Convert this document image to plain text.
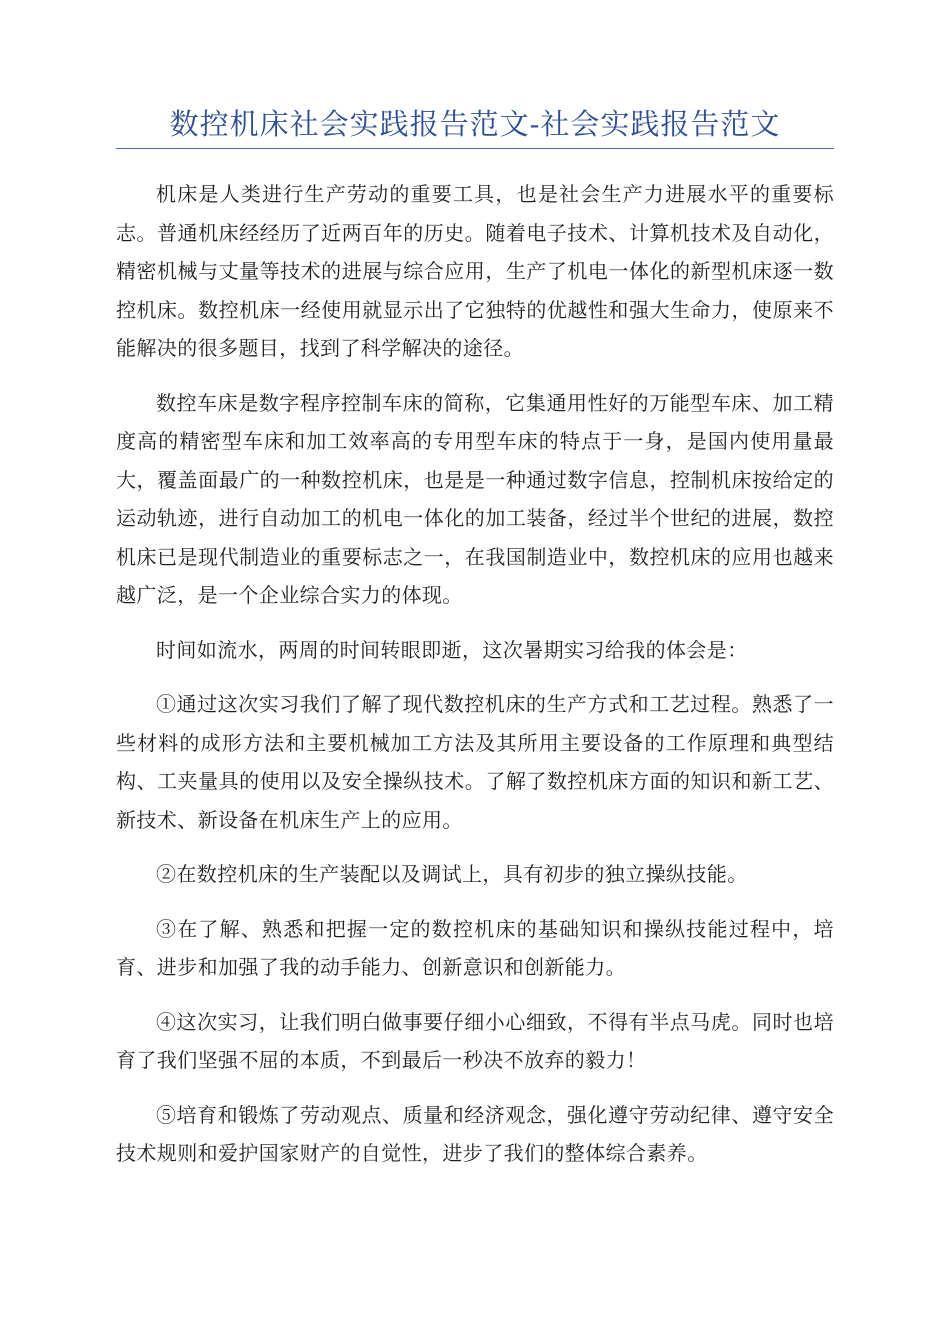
数控机床社会实践报告范文-社会实践报告范文

机床是人类进行生产劳动的重要工具，也是社会生产力进展水平的重要标志。普通机床经经历了近两百年的历史。随着电子技术、计算机技术及自动化，精密机械与丈量等技术的进展与综合应用，生产了机电一体化的新型机床逐一数控机床。数控机床一经使用就显示出了它独特的优越性和强大生命力，使原来不能解决的很多题目，找到了科学解决的途径。

数控车床是数字程序控制车床的简称，它集通用性好的万能型车床、加工精度高的精密型车床和加工效率高的专用型车床的特点于一身，是国内使用量最大，覆盖面最广的一种数控机床，也是是一种通过数字信息，控制机床按给定的运动轨迹，进行自动加工的机电一体化的加工装备，经过半个世纪的进展，数控机床已是现代制造业的重要标志之一，在我国制造业中，数控机床的应用也越来越广泛，是一个企业综合实力的体现。

时间如流水，两周的时间转眼即逝，这次暑期实习给我的体会是：

①通过这次实习我们了解了现代数控机床的生产方式和工艺过程。熟悉了一些材料的成形方法和主要机械加工方法及其所用主要设备的工作原理和典型结构、工夹量具的使用以及安全操纵技术。了解了数控机床方面的知识和新工艺、新技术、新设备在机床生产上的应用。

②在数控机床的生产装配以及调试上，具有初步的独立操纵技能。

③在了解、熟悉和把握一定的数控机床的基础知识和操纵技能过程中，培育、进步和加强了我的动手能力、创新意识和创新能力。

④这次实习，让我们明白做事要仔细小心细致，不得有半点马虎。同时也培育了我们坚强不屈的本质，不到最后一秒决不放弃的毅力！

⑤培育和锻炼了劳动观点、质量和经济观念，强化遵守劳动纪律、遵守安全技术规则和爱护国家财产的自觉性，进步了我们的整体综合素养。
